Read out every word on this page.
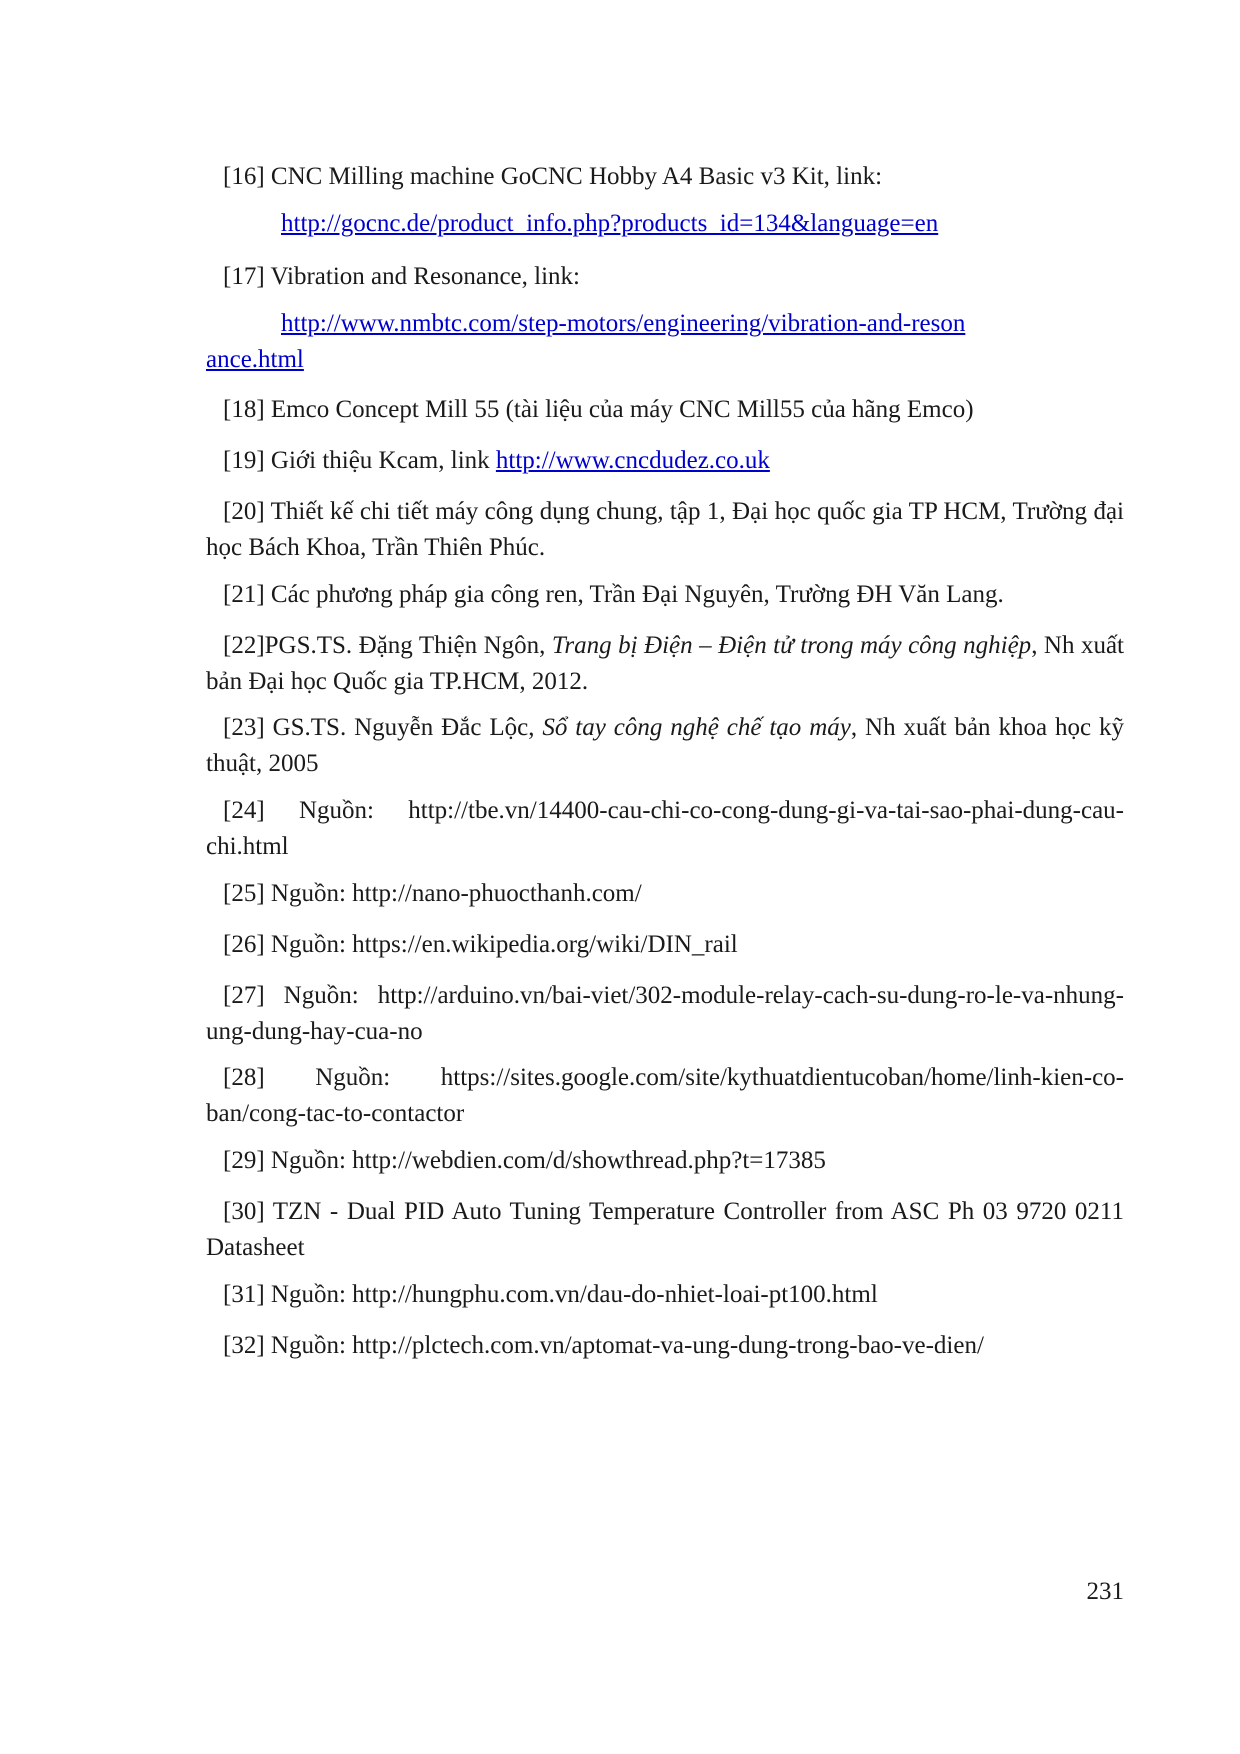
[16] CNC Milling machine GoCNC Hobby A4 Basic v3 Kit, link:

http://gocnc.de/product_info.php?products_id=134&language=en

[17] Vibration and Resonance, link:

http://www.nmbtc.com/step-motors/engineering/vibration-and-resonance.html

[18] Emco Concept Mill 55 (tài liệu của máy CNC Mill55 của hãng Emco)

[19] Giới thiệu Kcam, link http://www.cncdudez.co.uk

[20] Thiết kế chi tiết máy công dụng chung, tập 1, Đại học quốc gia TP HCM, Trường đại học Bách Khoa, Trần Thiên Phúc.

[21] Các phương pháp gia công ren, Trần Đại Nguyên, Trường ĐH Văn Lang.

[22]PGS.TS. Đặng Thiện Ngôn, Trang bị Điện – Điện tử trong máy công nghiệp, Nh xuất bản Đại học Quốc gia TP.HCM, 2012.

[23] GS.TS. Nguyễn Đắc Lộc, Sổ tay công nghệ chế tạo máy, Nh xuất bản khoa học kỹ thuật, 2005

[24] Nguồn: http://tbe.vn/14400-cau-chi-co-cong-dung-gi-va-tai-sao-phai-dung-cau-chi.html

[25] Nguồn: http://nano-phuocthanh.com/

[26] Nguồn: https://en.wikipedia.org/wiki/DIN_rail

[27] Nguồn: http://arduino.vn/bai-viet/302-module-relay-cach-su-dung-ro-le-va-nhung-ung-dung-hay-cua-no

[28] Nguồn: https://sites.google.com/site/kythuatdientucoban/home/linh-kien-co-ban/cong-tac-to-contactor

[29] Nguồn: http://webdien.com/d/showthread.php?t=17385

[30] TZN - Dual PID Auto Tuning Temperature Controller from ASC Ph 03 9720 0211 Datasheet

[31] Nguồn: http://hungphu.com.vn/dau-do-nhiet-loai-pt100.html

[32] Nguồn: http://plctech.com.vn/aptomat-va-ung-dung-trong-bao-ve-dien/

231
